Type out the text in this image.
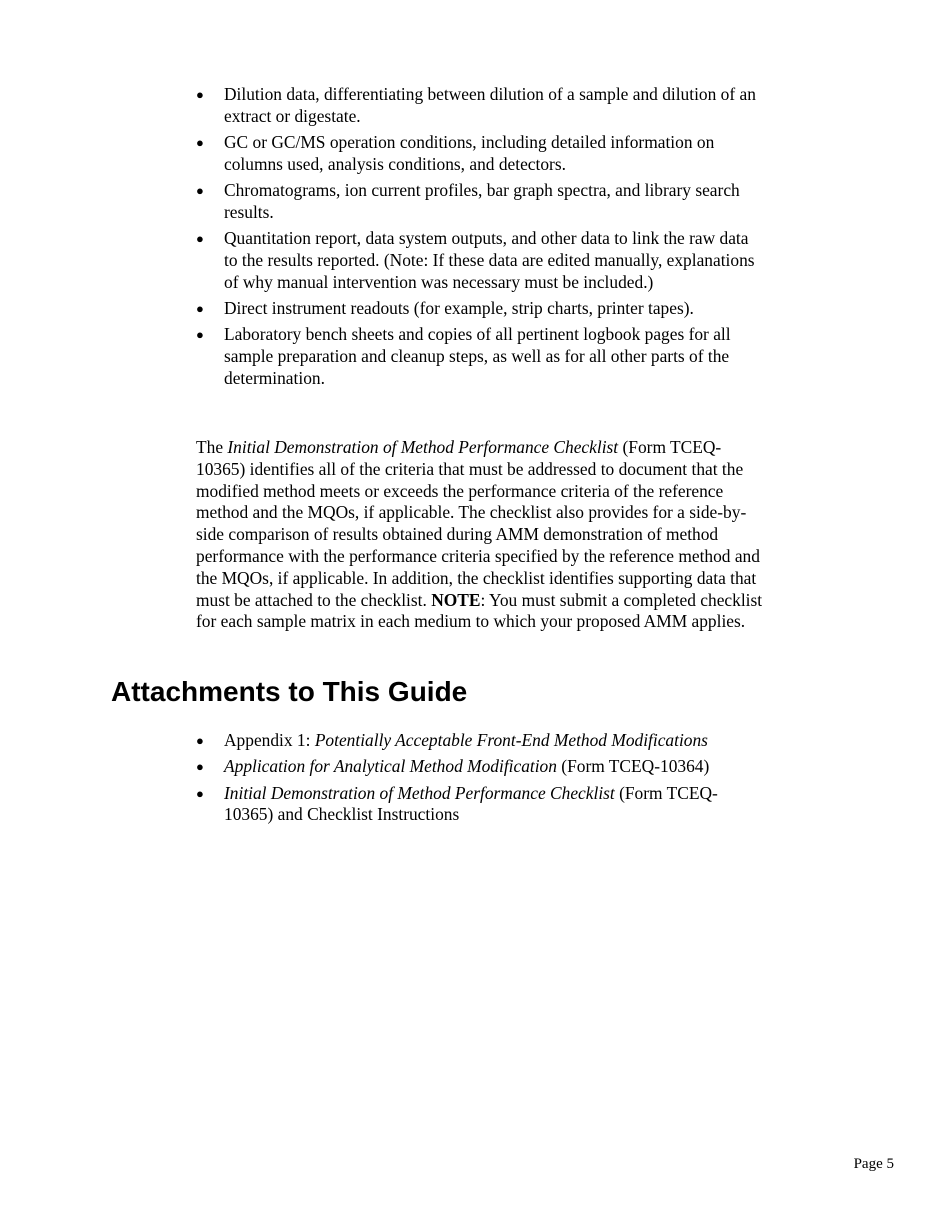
● Dilution data, differentiating between dilution of a sample and dilution of an extract or digestate.
● GC or GC/MS operation conditions, including detailed information on columns used, analysis conditions, and detectors.
● Chromatograms, ion current profiles, bar graph spectra, and library search results.
● Quantitation report, data system outputs, and other data to link the raw data to the results reported. (Note: If these data are edited manually, explanations of why manual intervention was necessary must be included.)
● Direct instrument readouts (for example, strip charts, printer tapes).
● Laboratory bench sheets and copies of all pertinent logbook pages for all sample preparation and cleanup steps, as well as for all other parts of the determination.

The Initial Demonstration of Method Performance Checklist (Form TCEQ-10365) identifies all of the criteria that must be addressed to document that the modified method meets or exceeds the performance criteria of the reference method and the MQOs, if applicable. The checklist also provides for a side-by-side comparison of results obtained during AMM demonstration of method performance with the performance criteria specified by the reference method and the MQOs, if applicable. In addition, the checklist identifies supporting data that must be attached to the checklist. NOTE: You must submit a completed checklist for each sample matrix in each medium to which your proposed AMM applies.

Attachments to This Guide
● Appendix 1: Potentially Acceptable Front-End Method Modifications
● Application for Analytical Method Modification (Form TCEQ-10364)
● Initial Demonstration of Method Performance Checklist (Form TCEQ-10365) and Checklist Instructions
Page 5
